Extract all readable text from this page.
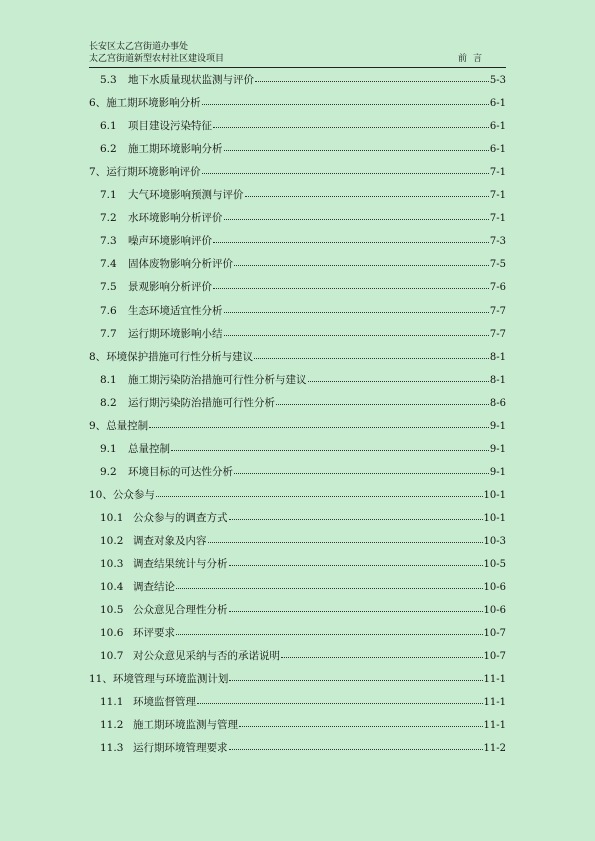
长安区太乙宫街道办事处
太乙宫街道新型农村社区建设项目	前言
5.3	地下水质量现状监测与评价	5-3
6、 施工期环境影响分析	6-1
6.1	项目建设污染特征	6-1
6.2	施工期环境影响分析	6-1
7、 运行期环境影响评价	7-1
7.1	大气环境影响预测与评价	7-1
7.2	水环境影响分析评价	7-1
7.3	噪声环境影响评价	7-3
7.4	固体废物影响分析评价	7-5
7.5	景观影响分析评价	7-6
7.6	生态环境适宜性分析	7-7
7.7	运行期环境影响小结	7-7
8、 环境保护措施可行性分析与建议	8-1
8.1	施工期污染防治措施可行性分析与建议	8-1
8.2	运行期污染防治措施可行性分析	8-6
9、 总量控制	9-1
9.1	总量控制	9-1
9.2	环境目标的可达性分析	9-1
10、 公众参与	10-1
10.1 公众参与的调查方式	10-1
10.2 调查对象及内容	10-3
10.3 调查结果统计与分析	10-5
10.4 调查结论	10-6
10.5 公众意见合理性分析	10-6
10.6 环评要求	10-7
10.7 对公众意见采纳与否的承诺说明	10-7
11、 环境管理与环境监测计划	11-1
11.1 环境监督管理	11-1
11.2 施工期环境监测与管理	11-1
11.3 运行期环境管理要求	11-2
